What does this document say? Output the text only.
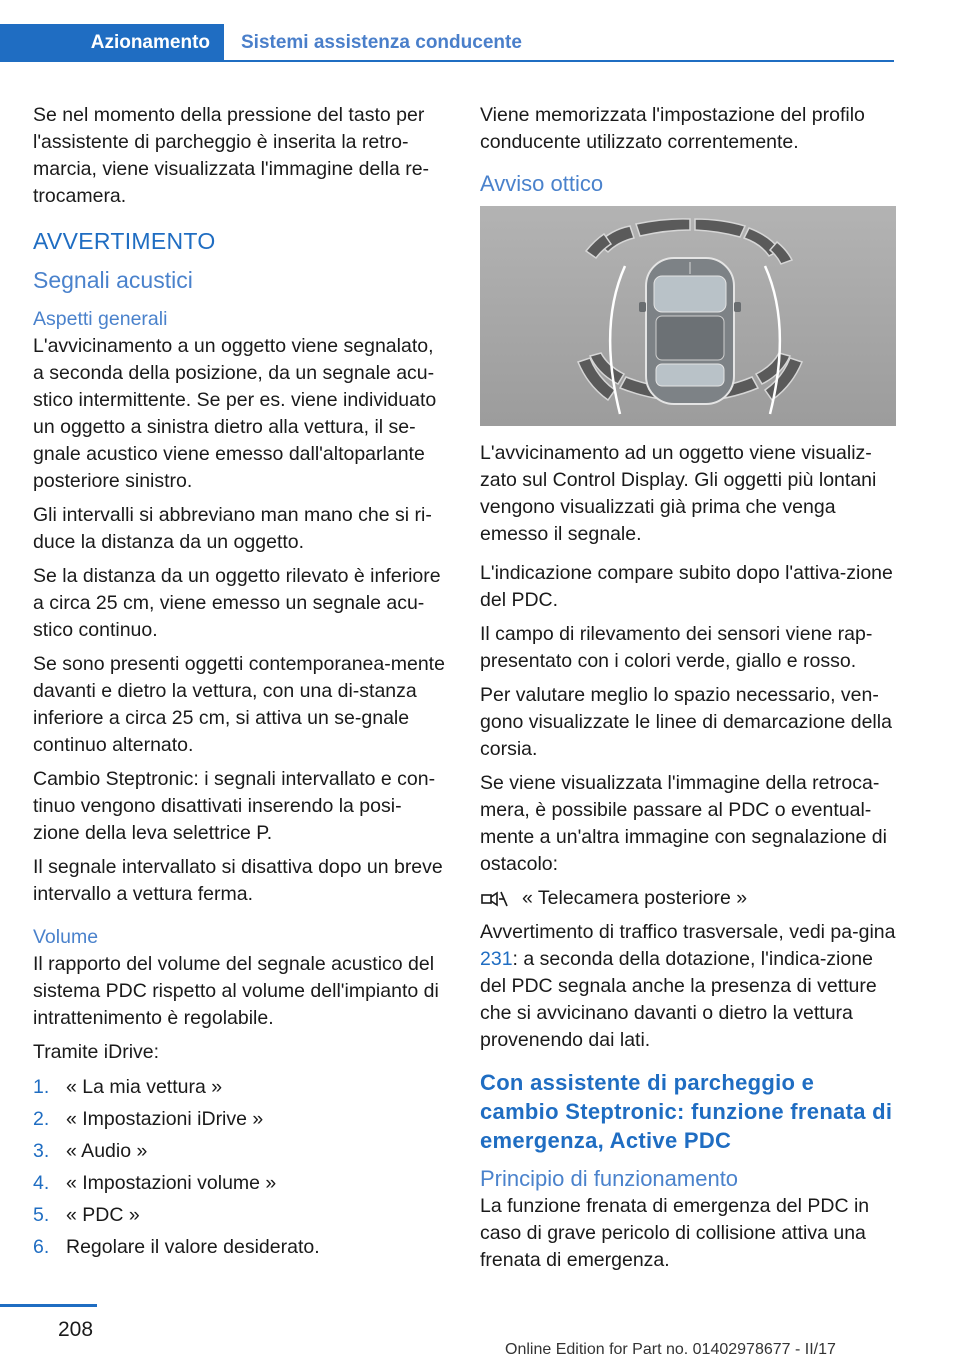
Azionamento	Sistemi assistenza conducente

Se nel momento della pressione del tasto per l'assistente di parcheggio è inserita la retro-marcia, viene visualizzata l'immagine della re-trocamera.

AVVERTIMENTO
Segnali acustici
Aspetti generali

L'avvicinamento a un oggetto viene segnalato, a seconda della posizione, da un segnale acu-stico intermittente. Se per es. viene individuato un oggetto a sinistra dietro alla vettura, il se-gnale acustico viene emesso dall'altoparlante posteriore sinistro.

Gli intervalli si abbreviano man mano che si ri-duce la distanza da un oggetto.

Se la distanza da un oggetto rilevato è inferiore a circa 25 cm, viene emesso un segnale acu-stico continuo.

Se sono presenti oggetti contemporanea-mente davanti e dietro la vettura, con una di-stanza inferiore a circa 25 cm, si attiva un se-gnale continuo alternato.

Cambio Steptronic: i segnali intervallato e con-tinuo vengono disattivati inserendo la posi-zione della leva selettrice P.

Il segnale intervallato si disattiva dopo un breve intervallo a vettura ferma.

Volume

Il rapporto del volume del segnale acustico del sistema PDC rispetto al volume dell'impianto di intrattenimento è regolabile.

Tramite iDrive:

1. « La mia vettura »
2. « Impostazioni iDrive »
3. « Audio »
4. « Impostazioni volume »
5. « PDC »
6. Regolare il valore desiderato.

Viene memorizzata l'impostazione del profilo conducente utilizzato correntemente.

Avviso ottico

L'avvicinamento ad un oggetto viene visualiz-zato sul Control Display. Gli oggetti più lontani vengono visualizzati già prima che venga emesso il segnale.

L'indicazione compare subito dopo l'attiva-zione del PDC.

Il campo di rilevamento dei sensori viene rap-presentato con i colori verde, giallo e rosso.

Per valutare meglio lo spazio necessario, ven-gono visualizzate le linee di demarcazione della corsia.

Se viene visualizzata l'immagine della retroca-mera, è possibile passare al PDC o eventual-mente a un'altra immagine con segnalazione di ostacolo:

« Telecamera posteriore »

Avvertimento di traffico trasversale, vedi pa-gina 231: a seconda della dotazione, l'indica-zione del PDC segnala anche la presenza di vetture che si avvicinano davanti o dietro la vettura provenendo dai lati.

Con assistente di parcheggio e cambio Steptronic: funzione frenata di emergenza, Active PDC
Principio di funzionamento

La funzione frenata di emergenza del PDC in caso di grave pericolo di collisione attiva una frenata di emergenza.

208
Online Edition for Part no. 01402978677 - II/17
